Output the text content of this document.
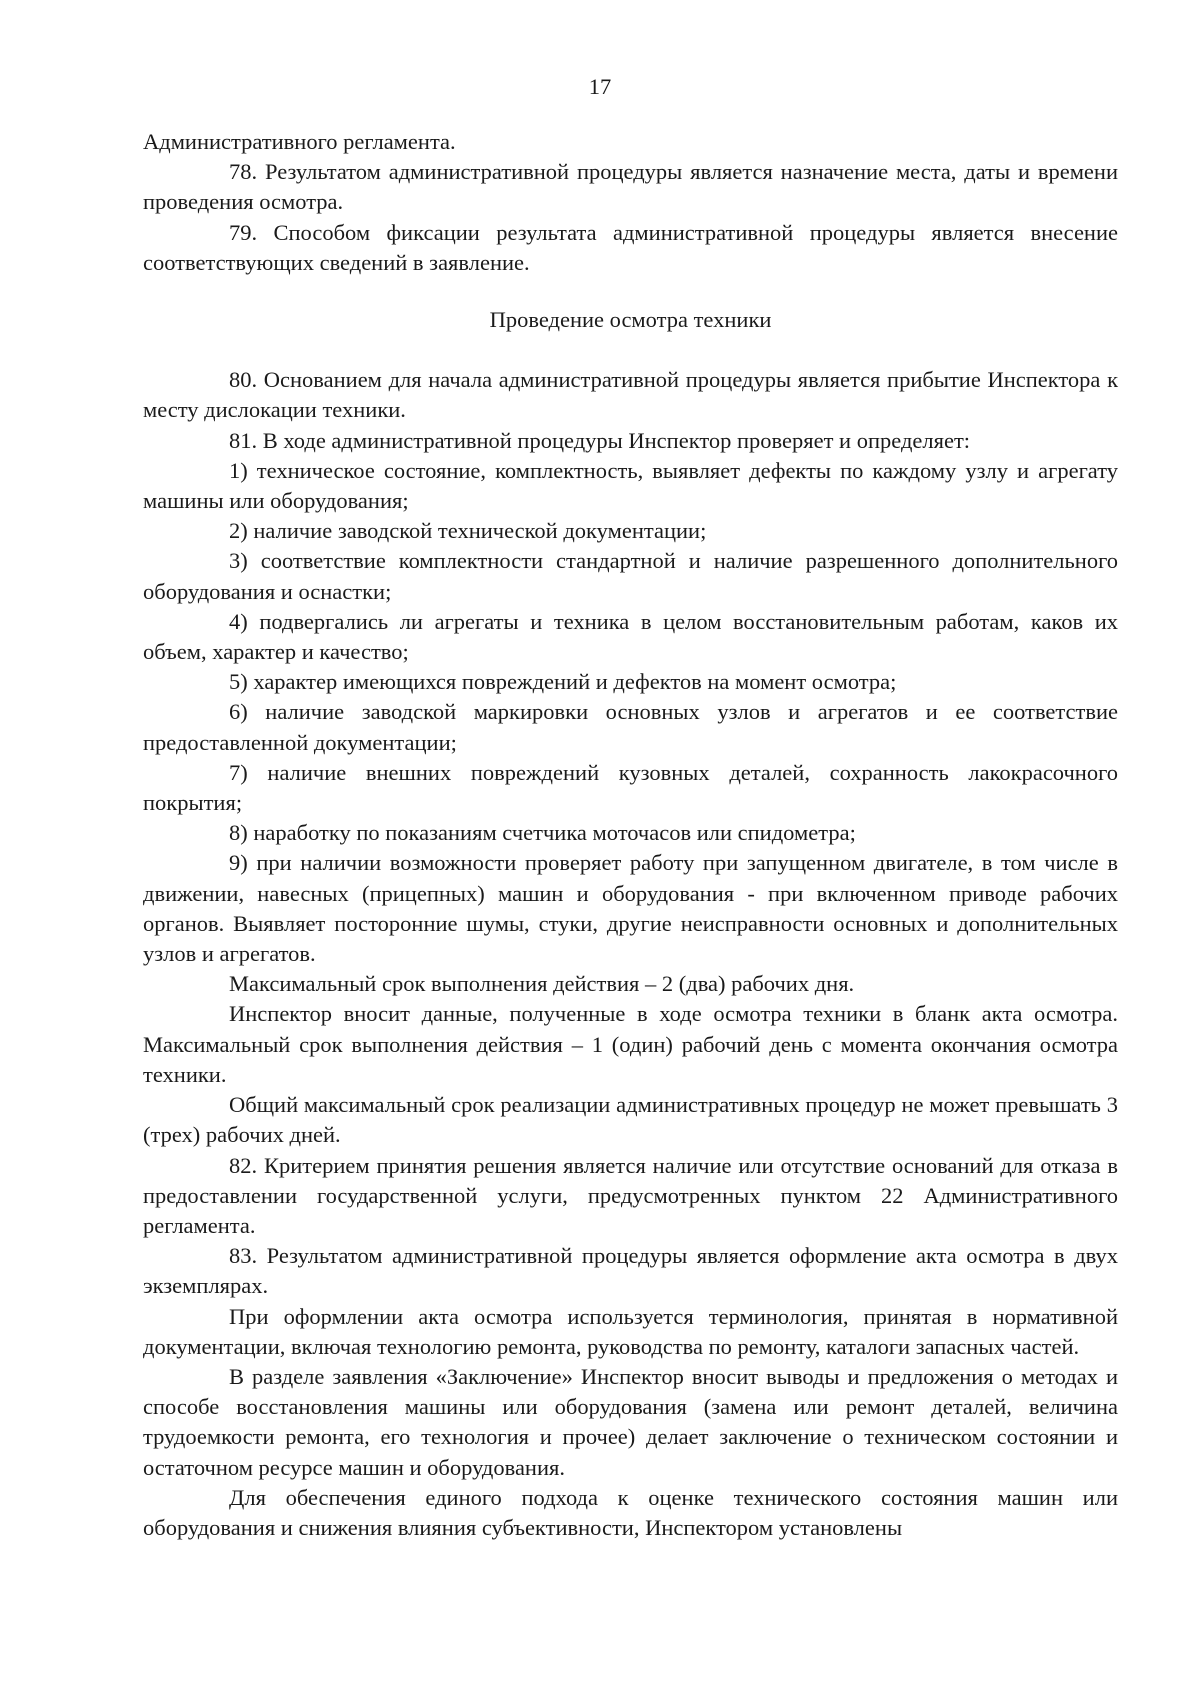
17

Административного регламента.

78. Результатом административной процедуры является назначение места, даты и времени проведения осмотра.

79. Способом фиксации результата административной процедуры является внесение соответствующих сведений в заявление.

Проведение осмотра техники

80. Основанием для начала административной процедуры является прибытие Инспектора к месту дислокации техники.

81. В ходе административной процедуры Инспектор проверяет и определяет:

1) техническое состояние, комплектность, выявляет дефекты по каждому узлу и агрегату машины или оборудования;

2) наличие заводской технической документации;

3) соответствие комплектности стандартной и наличие разрешенного дополнительного оборудования и оснастки;

4) подвергались ли агрегаты и техника в целом восстановительным работам, каков их объем, характер и качество;

5) характер имеющихся повреждений и дефектов на момент осмотра;

6) наличие заводской маркировки основных узлов и агрегатов и ее соответствие предоставленной документации;

7) наличие внешних повреждений кузовных деталей, сохранность лакокрасочного покрытия;

8) наработку по показаниям счетчика моточасов или спидометра;

9) при наличии возможности проверяет работу при запущенном двигателе, в том числе в движении, навесных (прицепных) машин и оборудования - при включенном приводе рабочих органов. Выявляет посторонние шумы, стуки, другие неисправности основных и дополнительных узлов и агрегатов.

Максимальный срок выполнения действия – 2 (два) рабочих дня.

Инспектор вносит данные, полученные в ходе осмотра техники в бланк акта осмотра. Максимальный срок выполнения действия – 1 (один) рабочий день с момента окончания осмотра техники.

Общий максимальный срок реализации административных процедур не может превышать 3 (трех) рабочих дней.

82. Критерием принятия решения является наличие или отсутствие оснований для отказа в предоставлении государственной услуги, предусмотренных пунктом 22 Административного регламента.

83. Результатом административной процедуры является оформление акта осмотра в двух экземплярах.

При оформлении акта осмотра используется терминология, принятая в нормативной документации, включая технологию ремонта, руководства по ремонту, каталоги запасных частей.

В разделе заявления «Заключение» Инспектор вносит выводы и предложения о методах и способе восстановления машины или оборудования (замена или ремонт деталей, величина трудоемкости ремонта, его технология и прочее) делает заключение о техническом состоянии и остаточном ресурсе машин и оборудования.

Для обеспечения единого подхода к оценке технического состояния машин или оборудования и снижения влияния субъективности, Инспектором установлены
